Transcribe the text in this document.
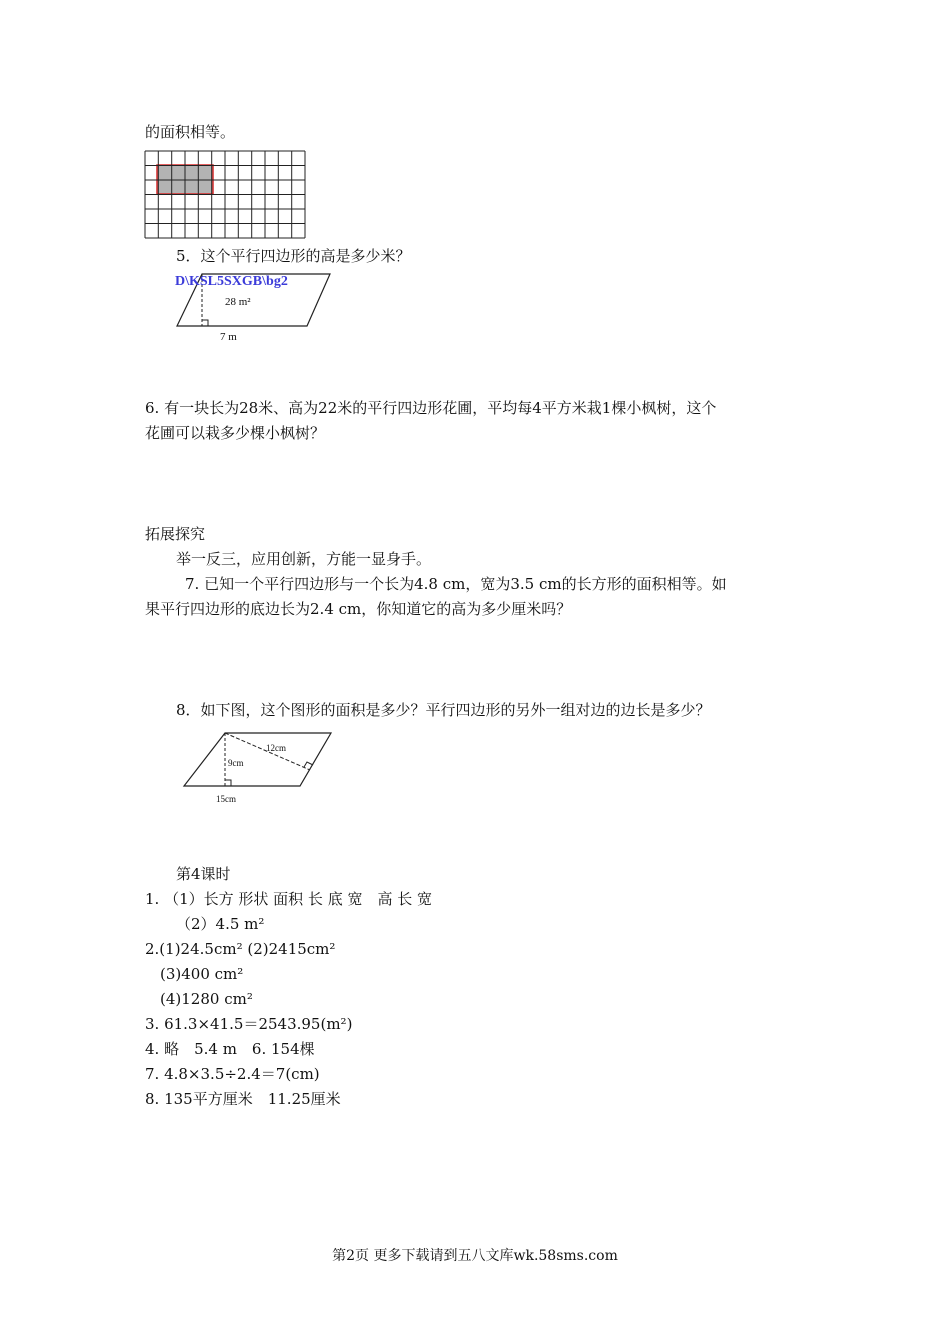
的面积相等。
5．这个平行四边形的高是多少米？
D\KSL5SXGB\bg2
28 m²
7 m
6. 有一块长为28米、高为22米的平行四边形花圃，平均每4平方米栽1棵小枫树，这个
花圃可以栽多少棵小枫树？
拓展探究
举一反三，应用创新，方能一显身手。
7. 已知一个平行四边形与一个长为4.8 cm，宽为3.5 cm的长方形的面积相等。如
果平行四边形的底边长为2.4 cm，你知道它的高为多少厘米吗？
8．如下图，这个图形的面积是多少？平行四边形的另外一组对边的边长是多少？
12cm
9cm
15cm
第4课时
1. （1）长方 形状 面积 长 底 宽　高 长 宽
（2）4.5 m²
2.(1)24.5cm² (2)2415cm²
(3)400 cm²
(4)1280 cm²
3. 61.3×41.5＝2543.95(m²)
4. 略　5.4 m　6. 154棵
7. 4.8×3.5÷2.4＝7(cm)
8. 135平方厘米　11.25厘米
第2页 更多下载请到五八文库wk.58sms.com
